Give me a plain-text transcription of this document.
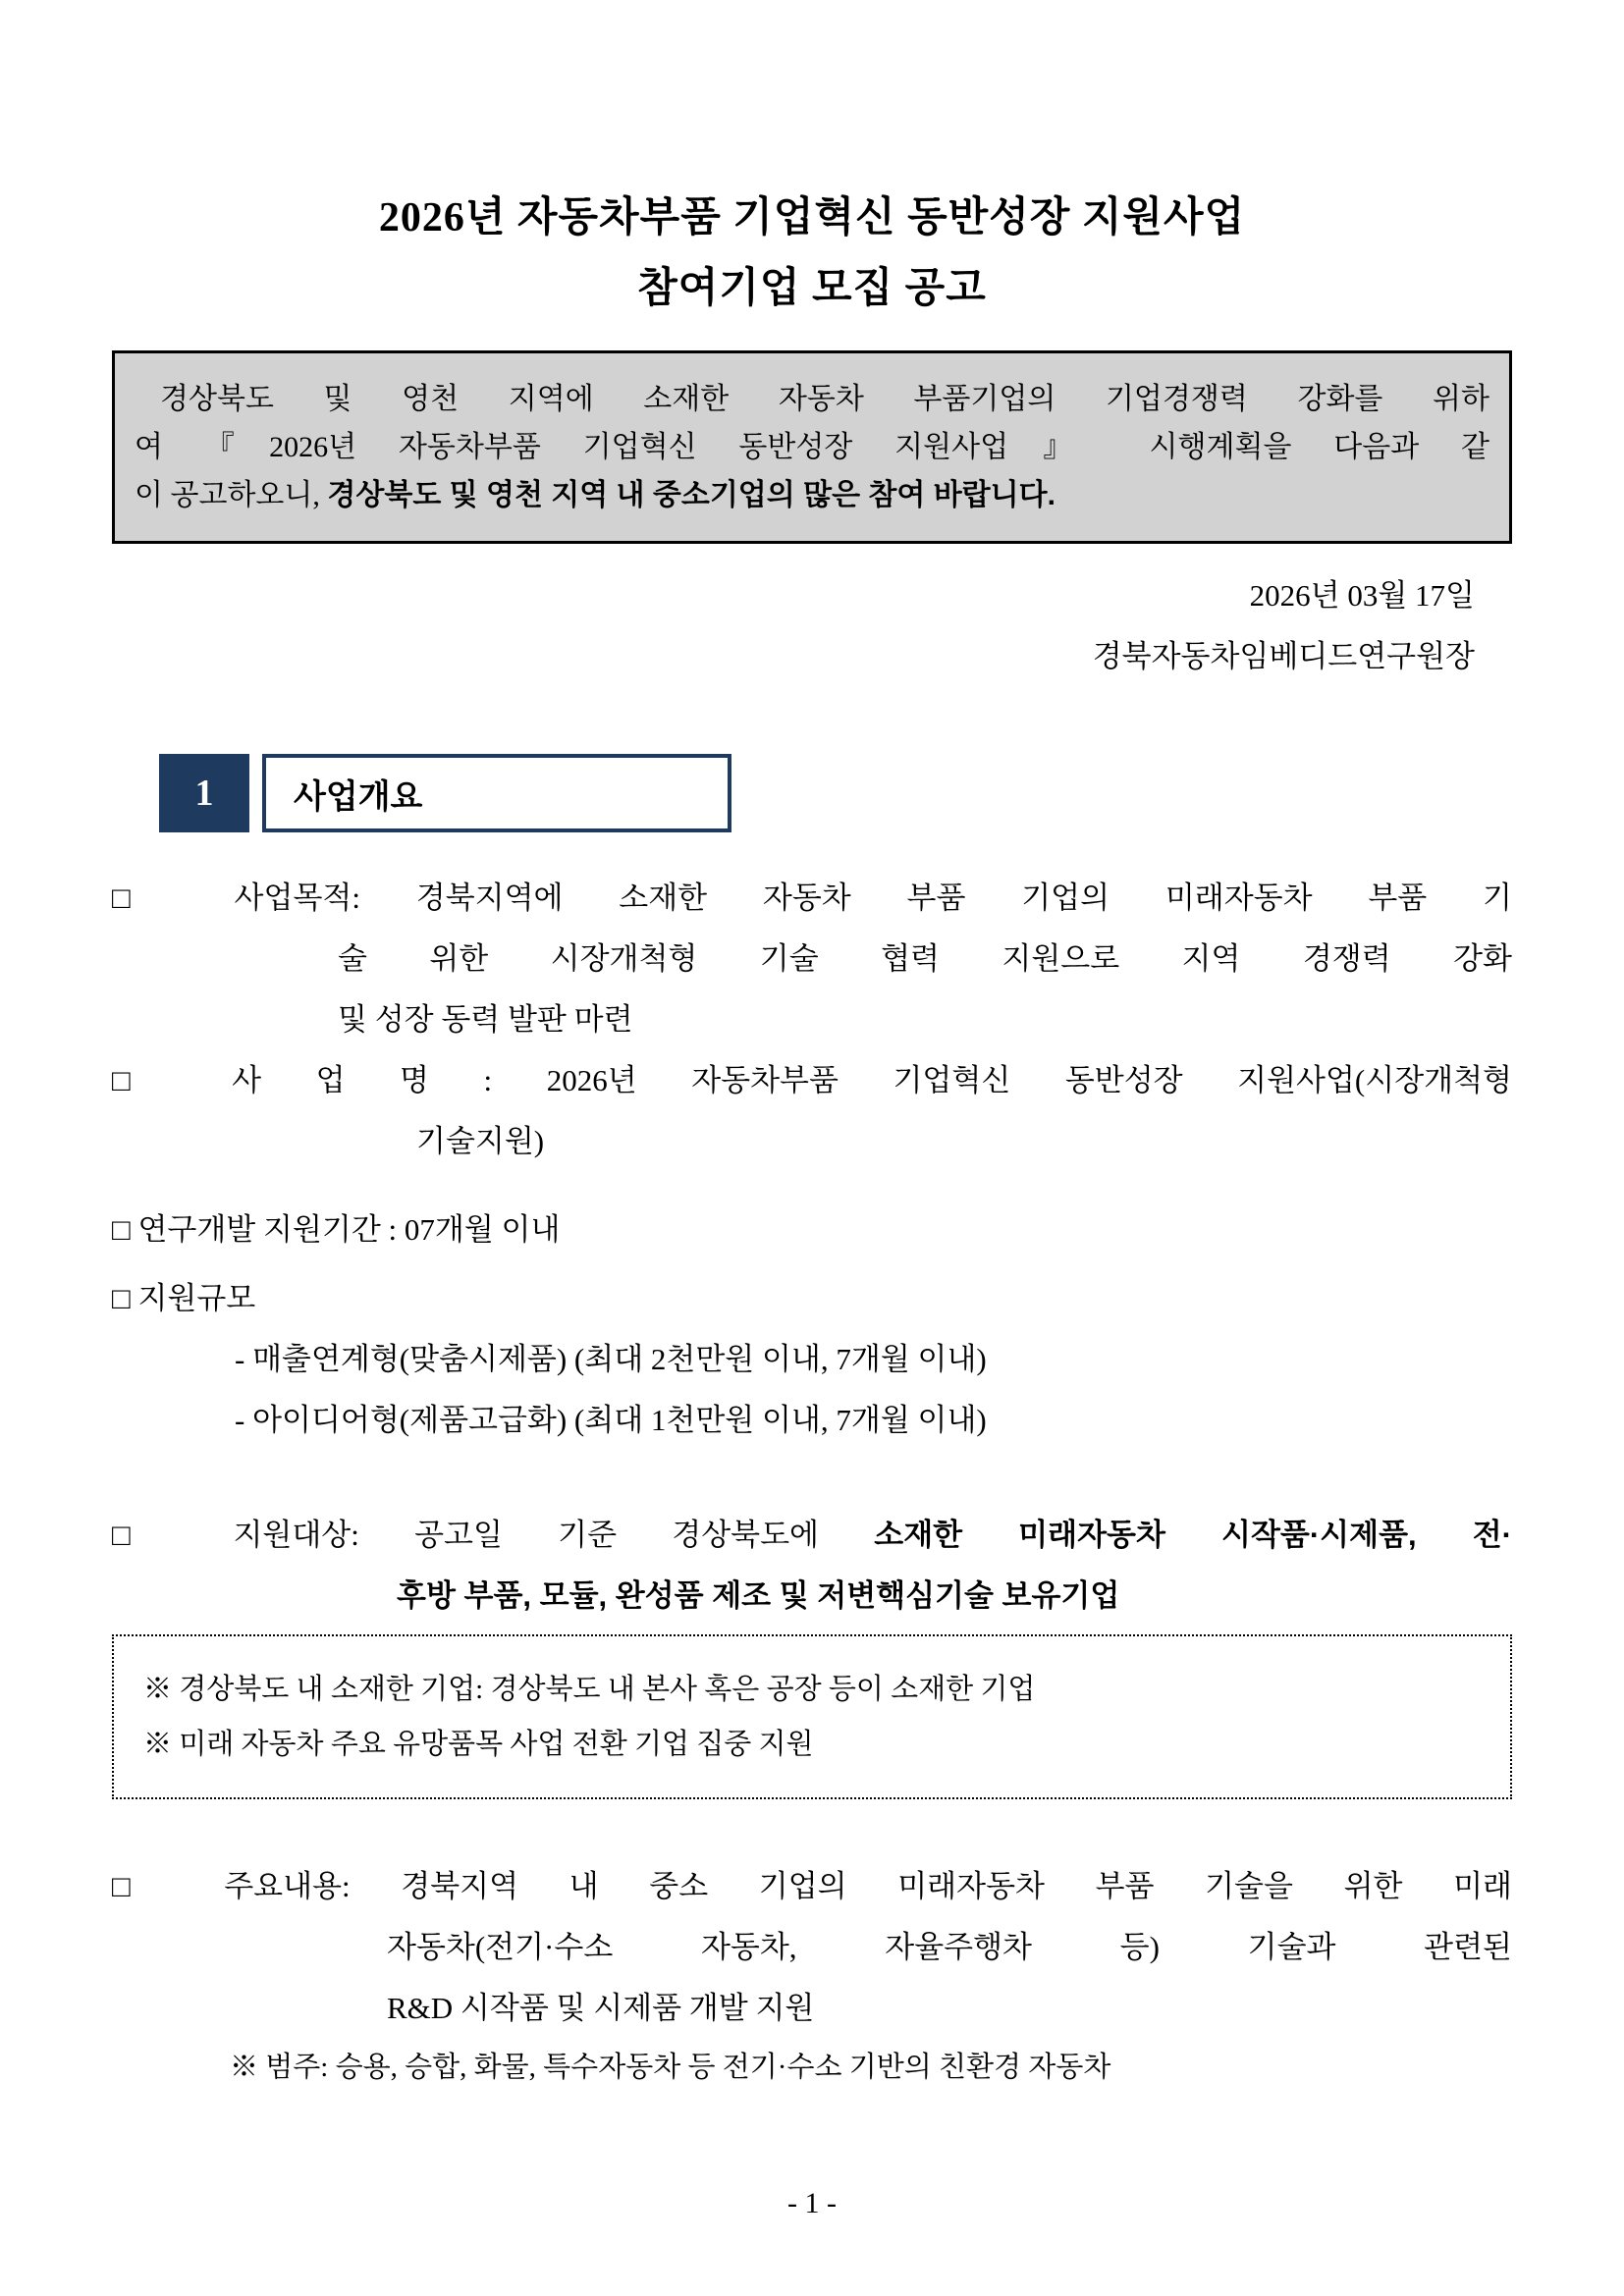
2026년 자동차부품 기업혁신 동반성장 지원사업
참여기업 모집 공고
경상북도 및 영천 지역에 소재한 자동차 부품기업의 기업경쟁력 강화를 위하
여 『2026년 자동차부품 기업혁신 동반성장 지원사업』 시행계획을 다음과 같
이 공고하오니, 경상북도 및 영천 지역 내 중소기업의 많은 참여 바랍니다.
2026년 03월 17일
경북자동차임베디드연구원장
1	사업개요
□ 사업목적: 경북지역에 소재한 자동차 부품 기업의 미래자동차 부품 기
술 위한 시장개척형 기술 협력 지원으로 지역 경쟁력 강화
및 성장 동력 발판 마련
□ 사 업 명 : 2026년 자동차부품 기업혁신 동반성장 지원사업(시장개척형
기술지원)
□ 연구개발 지원기간 : 07개월 이내
□ 지원규모
- 매출연계형(맞춤시제품) (최대 2천만원 이내, 7개월 이내)
- 아이디어형(제품고급화) (최대 1천만원 이내, 7개월 이내)
□ 지원대상: 공고일 기준 경상북도에 소재한 미래자동차 시작품·시제품, 전·
후방 부품, 모듈, 완성품 제조 및 저변핵심기술 보유기업
※ 경상북도 내 소재한 기업: 경상북도 내 본사 혹은 공장 등이 소재한 기업
※ 미래 자동차 주요 유망품목 사업 전환 기업 집중 지원
□ 주요내용: 경북지역 내 중소 기업의 미래자동차 부품 기술을 위한 미래
자동차(전기·수소 자동차, 자율주행차 등) 기술과 관련된
R&D 시작품 및 시제품 개발 지원
※ 범주: 승용, 승합, 화물, 특수자동차 등 전기·수소 기반의 친환경 자동차
- 1 -
